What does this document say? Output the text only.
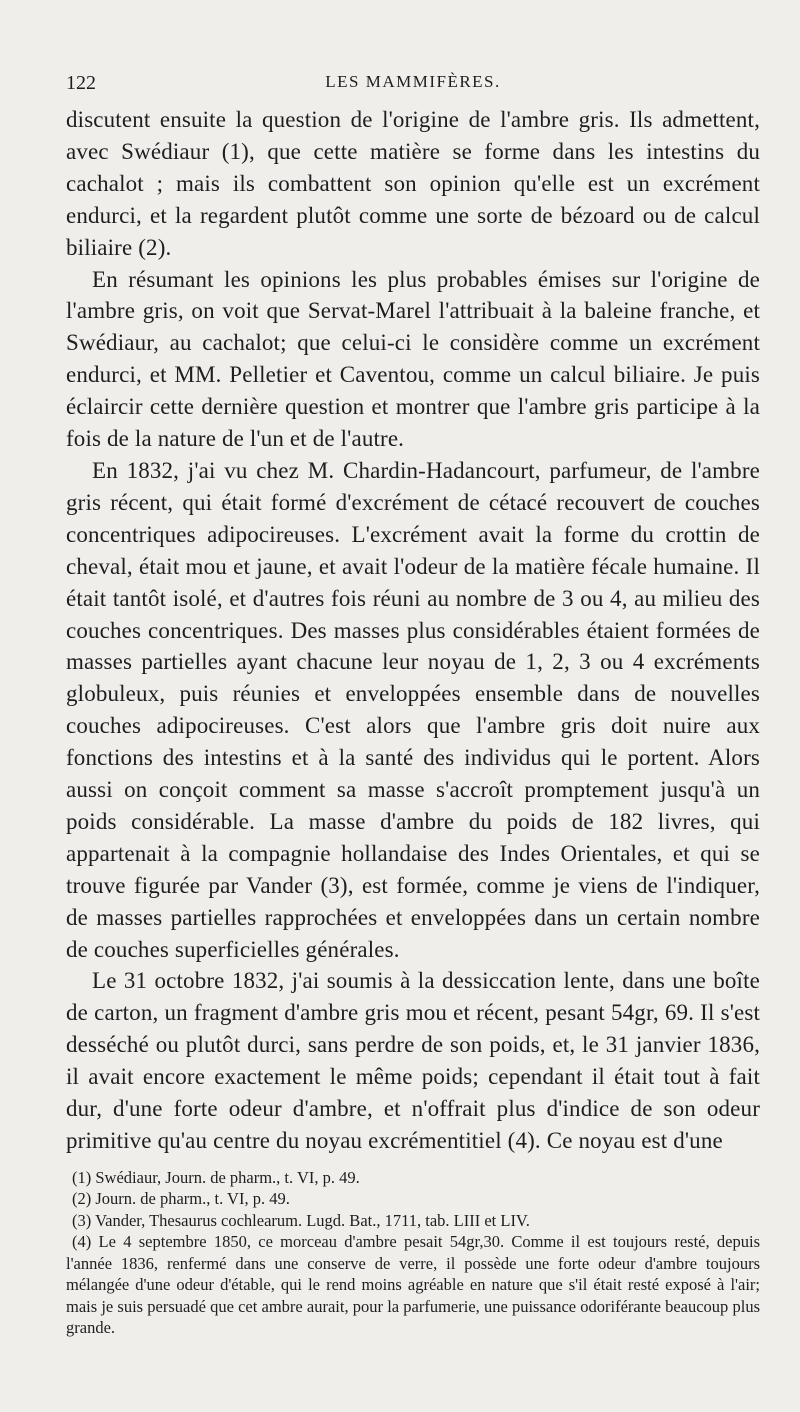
122	LES MAMMIFÈRES.

discutent ensuite la question de l'origine de l'ambre gris. Ils admettent, avec Swédiaur (1), que cette matière se forme dans les intestins du cachalot ; mais ils combattent son opinion qu'elle est un excrément endurci, et la regardent plutôt comme une sorte de bézoard ou de calcul biliaire (2).

En résumant les opinions les plus probables émises sur l'origine de l'ambre gris, on voit que Servat-Marel l'attribuait à la baleine franche, et Swédiaur, au cachalot; que celui-ci le considère comme un excrément endurci, et MM. Pelletier et Caventou, comme un calcul biliaire. Je puis éclaircir cette dernière question et montrer que l'ambre gris participe à la fois de la nature de l'un et de l'autre.

En 1832, j'ai vu chez M. Chardin-Hadancourt, parfumeur, de l'ambre gris récent, qui était formé d'excrément de cétacé recouvert de couches concentriques adipocireuses. L'excrément avait la forme du crottin de cheval, était mou et jaune, et avait l'odeur de la matière fécale humaine. Il était tantôt isolé, et d'autres fois réuni au nombre de 3 ou 4, au milieu des couches concentriques. Des masses plus considérables étaient formées de masses partielles ayant chacune leur noyau de 1, 2, 3 ou 4 excréments globuleux, puis réunies et enveloppées ensemble dans de nouvelles couches adipocireuses. C'est alors que l'ambre gris doit nuire aux fonctions des intestins et à la santé des individus qui le portent. Alors aussi on conçoit comment sa masse s'accroît promptement jusqu'à un poids considérable. La masse d'ambre du poids de 182 livres, qui appartenait à la compagnie hollandaise des Indes Orientales, et qui se trouve figurée par Vander (3), est formée, comme je viens de l'indiquer, de masses partielles rapprochées et enveloppées dans un certain nombre de couches superficielles générales.

Le 31 octobre 1832, j'ai soumis à la dessiccation lente, dans une boîte de carton, un fragment d'ambre gris mou et récent, pesant 54gr, 69. Il s'est desséché ou plutôt durci, sans perdre de son poids, et, le 31 janvier 1836, il avait encore exactement le même poids; cependant il était tout à fait dur, d'une forte odeur d'ambre, et n'offrait plus d'indice de son odeur primitive qu'au centre du noyau excrémentitiel (4). Ce noyau est d'une

(1) Swédiaur, Journ. de pharm., t. VI, p. 49.

(2) Journ. de pharm., t. VI, p. 49.

(3) Vander, Thesaurus cochlearum. Lugd. Bat., 1711, tab. LIII et LIV.

(4) Le 4 septembre 1850, ce morceau d'ambre pesait 54gr,30. Comme il est toujours resté, depuis l'année 1836, renfermé dans une conserve de verre, il possède une forte odeur d'ambre toujours mélangée d'une odeur d'étable, qui le rend moins agréable en nature que s'il était resté exposé à l'air; mais je suis persuadé que cet ambre aurait, pour la parfumerie, une puissance odoriférante beaucoup plus grande.
